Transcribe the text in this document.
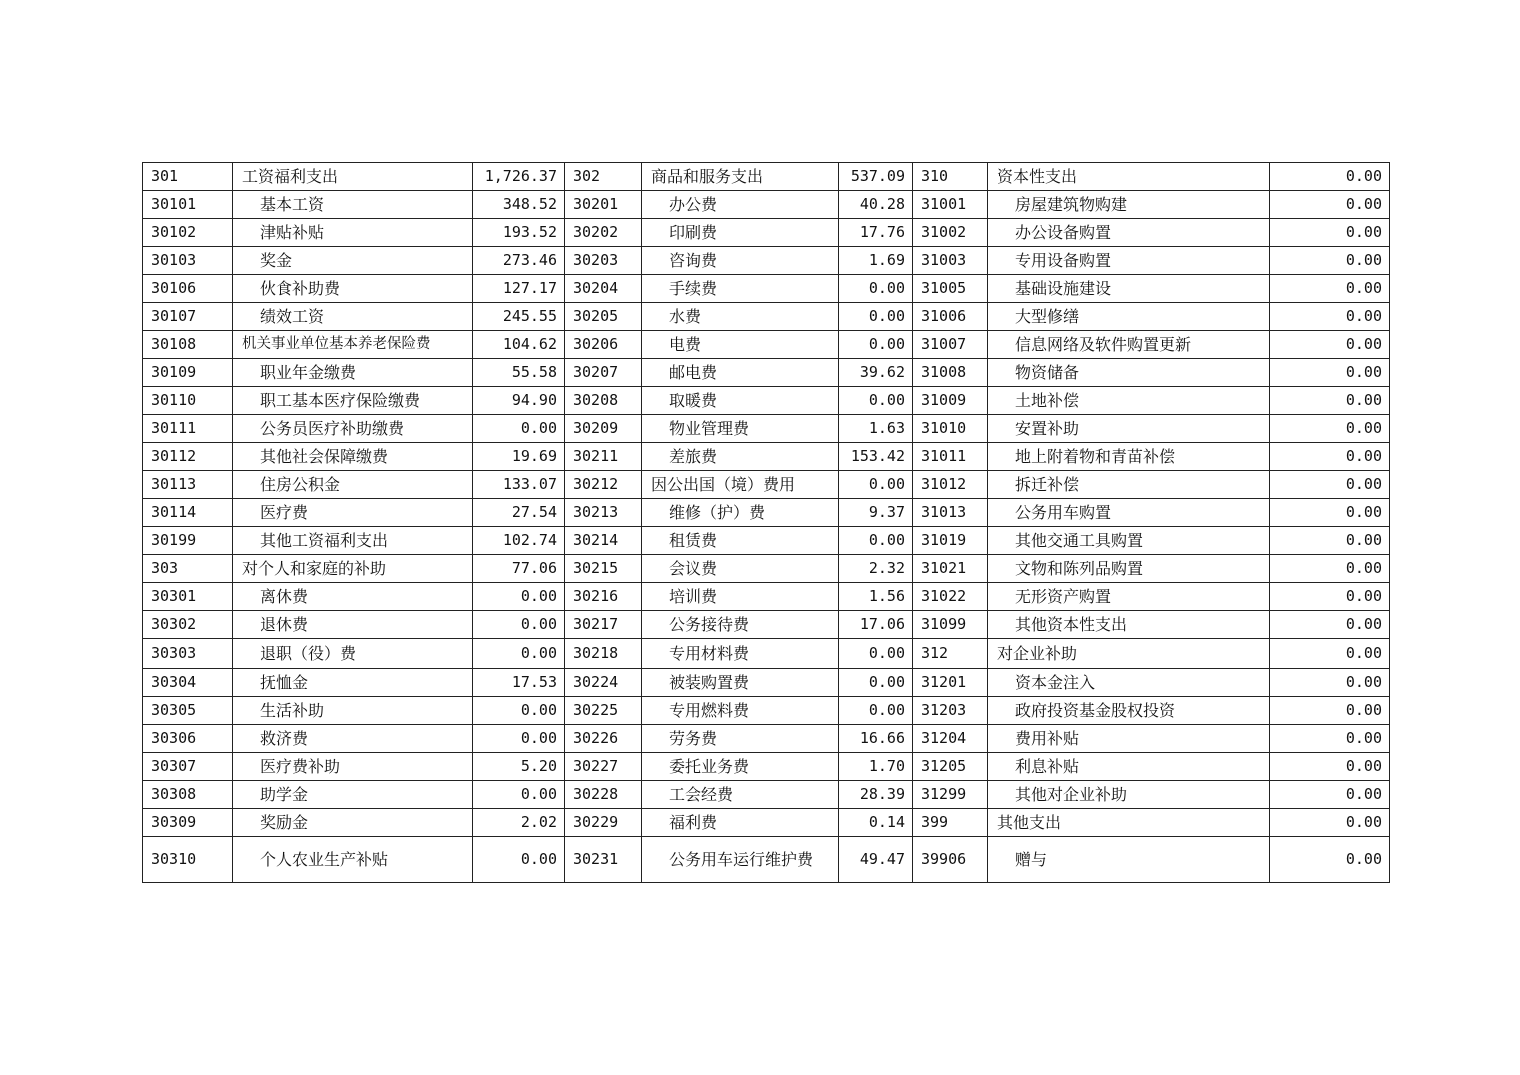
301	工资福利支出	1,726.37	302	商品和服务支出	537.09	310	资本性支出	0.00
30101	基本工资	348.52	30201	办公费	40.28	31001	房屋建筑物购建	0.00
30102	津贴补贴	193.52	30202	印刷费	17.76	31002	办公设备购置	0.00
30103	奖金	273.46	30203	咨询费	1.69	31003	专用设备购置	0.00
30106	伙食补助费	127.17	30204	手续费	0.00	31005	基础设施建设	0.00
30107	绩效工资	245.55	30205	水费	0.00	31006	大型修缮	0.00
30108	机关事业单位基本养老保险费	104.62	30206	电费	0.00	31007	信息网络及软件购置更新	0.00
30109	职业年金缴费	55.58	30207	邮电费	39.62	31008	物资储备	0.00
30110	职工基本医疗保险缴费	94.90	30208	取暖费	0.00	31009	土地补偿	0.00
30111	公务员医疗补助缴费	0.00	30209	物业管理费	1.63	31010	安置补助	0.00
30112	其他社会保障缴费	19.69	30211	差旅费	153.42	31011	地上附着物和青苗补偿	0.00
30113	住房公积金	133.07	30212	因公出国（境）费用	0.00	31012	拆迁补偿	0.00
30114	医疗费	27.54	30213	维修（护）费	9.37	31013	公务用车购置	0.00
30199	其他工资福利支出	102.74	30214	租赁费	0.00	31019	其他交通工具购置	0.00
303	对个人和家庭的补助	77.06	30215	会议费	2.32	31021	文物和陈列品购置	0.00
30301	离休费	0.00	30216	培训费	1.56	31022	无形资产购置	0.00
30302	退休费	0.00	30217	公务接待费	17.06	31099	其他资本性支出	0.00
30303	退职（役）费	0.00	30218	专用材料费	0.00	312	对企业补助	0.00
30304	抚恤金	17.53	30224	被装购置费	0.00	31201	资本金注入	0.00
30305	生活补助	0.00	30225	专用燃料费	0.00	31203	政府投资基金股权投资	0.00
30306	救济费	0.00	30226	劳务费	16.66	31204	费用补贴	0.00
30307	医疗费补助	5.20	30227	委托业务费	1.70	31205	利息补贴	0.00
30308	助学金	0.00	30228	工会经费	28.39	31299	其他对企业补助	0.00
30309	奖励金	2.02	30229	福利费	0.14	399	其他支出	0.00
30310	个人农业生产补贴	0.00	30231	公务用车运行维护费	49.47	39906	赠与	0.00
